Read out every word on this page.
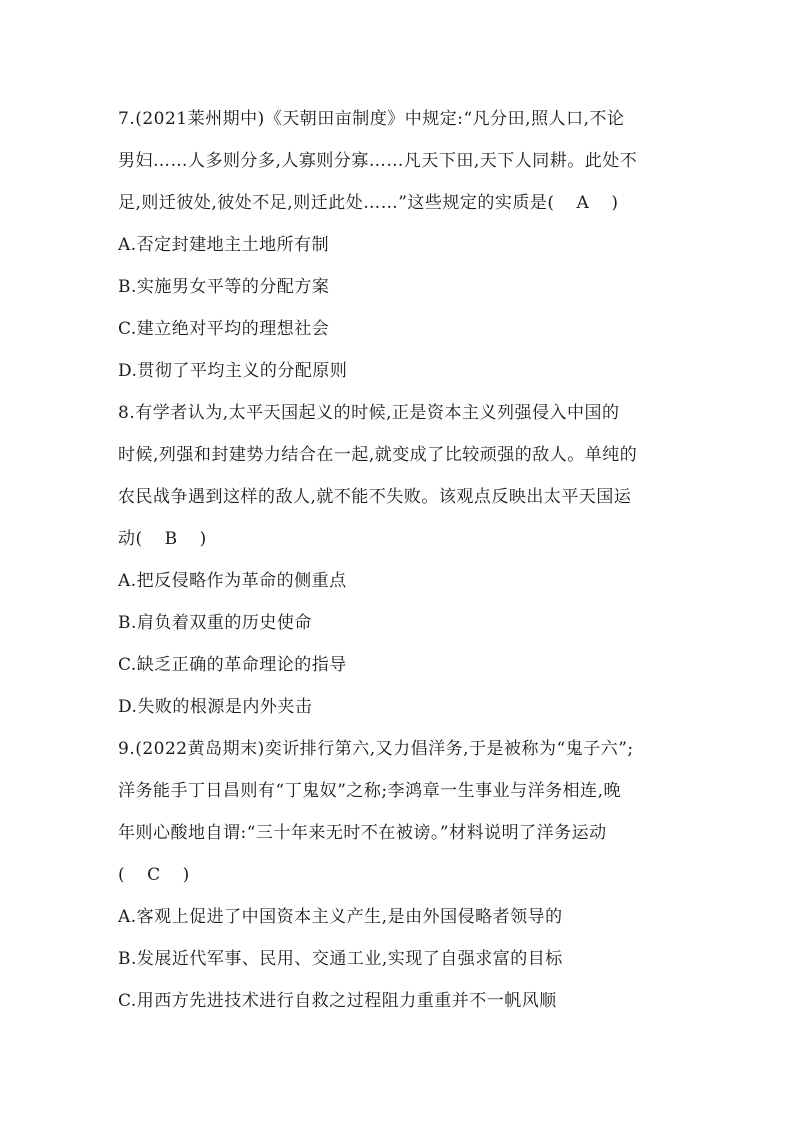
7.(2021莱州期中)《天朝田亩制度》中规定:“凡分田,照人口,不论
男妇……人多则分多,人寡则分寡……凡天下田,天下人同耕。此处不
足,则迁彼处,彼处不足,则迁此处……”这些规定的实质是( A )
A.否定封建地主土地所有制
B.实施男女平等的分配方案
C.建立绝对平均的理想社会
D.贯彻了平均主义的分配原则
8.有学者认为,太平天国起义的时候,正是资本主义列强侵入中国的
时候,列强和封建势力结合在一起,就变成了比较顽强的敌人。单纯的
农民战争遇到这样的敌人,就不能不失败。该观点反映出太平天国运
动( B )
A.把反侵略作为革命的侧重点
B.肩负着双重的历史使命
C.缺乏正确的革命理论的指导
D.失败的根源是内外夹击
9.(2022黄岛期末)奕䜣排行第六,又力倡洋务,于是被称为“鬼子六”;
洋务能手丁日昌则有“丁鬼奴”之称;李鸿章一生事业与洋务相连,晚
年则心酸地自谓:“三十年来无时不在被谤。”材料说明了洋务运动
( C )
A.客观上促进了中国资本主义产生,是由外国侵略者领导的
B.发展近代军事、民用、交通工业,实现了自强求富的目标
C.用西方先进技术进行自救之过程阻力重重并不一帆风顺
